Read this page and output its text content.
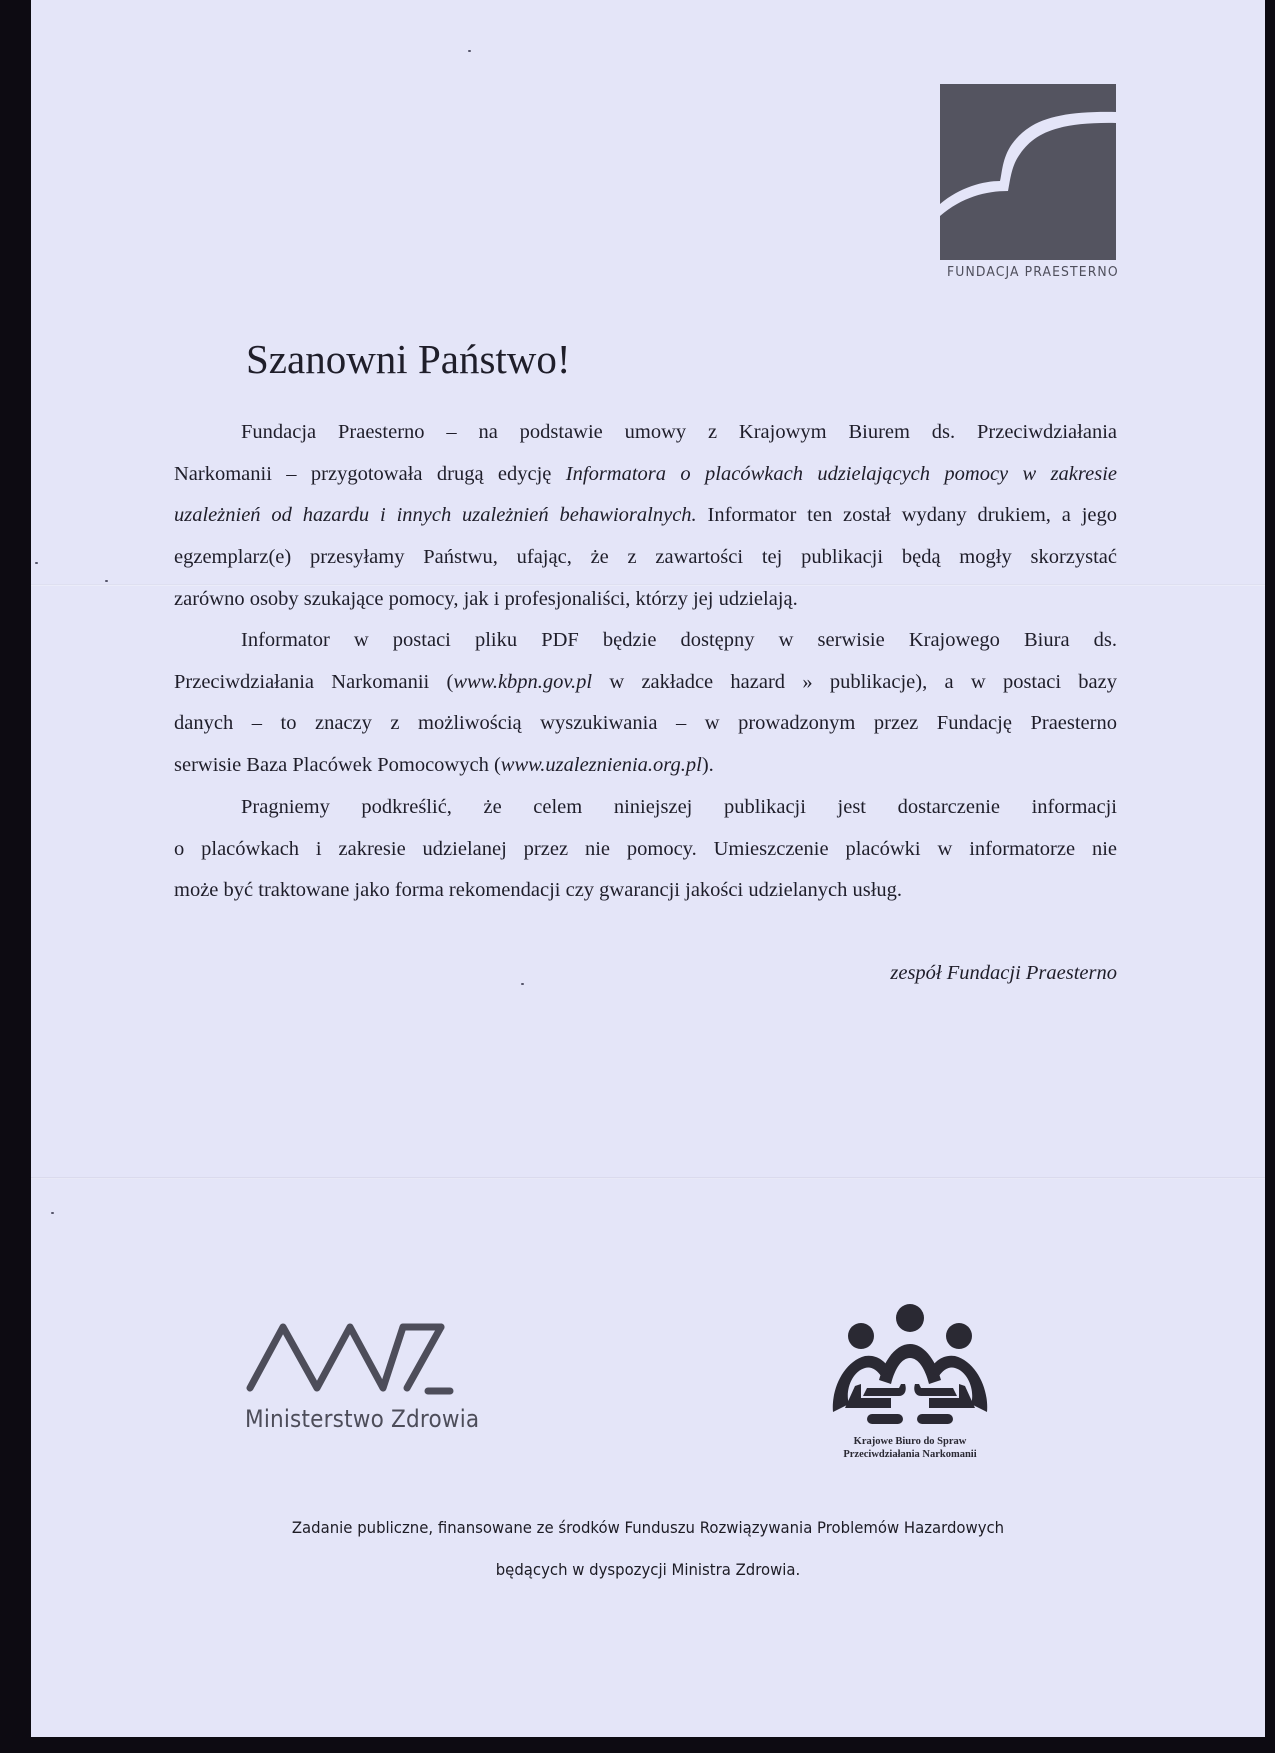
FUNDACJA PRAESTERNO
Szanowni Państwo!
Fundacja Praesterno – na podstawie umowy z Krajowym Biurem ds. Przeciwdziałania
Narkomanii – przygotowała drugą edycję Informatora o placówkach udzielających pomocy w zakresie
uzależnień od hazardu i innych uzależnień behawioralnych. Informator ten został wydany drukiem, a jego
egzemplarz(e) przesyłamy Państwu, ufając, że z zawartości tej publikacji będą mogły skorzystać
zarówno osoby szukające pomocy, jak i profesjonaliści, którzy jej udzielają.
Informator w postaci pliku PDF będzie dostępny w serwisie Krajowego Biura ds.
Przeciwdziałania Narkomanii (www.kbpn.gov.pl w zakładce hazard » publikacje), a w postaci bazy
danych – to znaczy z możliwością wyszukiwania – w prowadzonym przez Fundację Praesterno
serwisie Baza Placówek Pomocowych (www.uzaleznienia.org.pl).
Pragniemy podkreślić, że celem niniejszej publikacji jest dostarczenie informacji
o placówkach i zakresie udzielanej przez nie pomocy. Umieszczenie placówki w informatorze nie
może być traktowane jako forma rekomendacji czy gwarancji jakości udzielanych usług.
zespół Fundacji Praesterno
Ministerstwo Zdrowia
Krajowe Biuro do Spraw
Przeciwdziałania Narkomanii
Zadanie publiczne, finansowane ze środków Funduszu Rozwiązywania Problemów Hazardowych
będących w dyspozycji Ministra Zdrowia.
